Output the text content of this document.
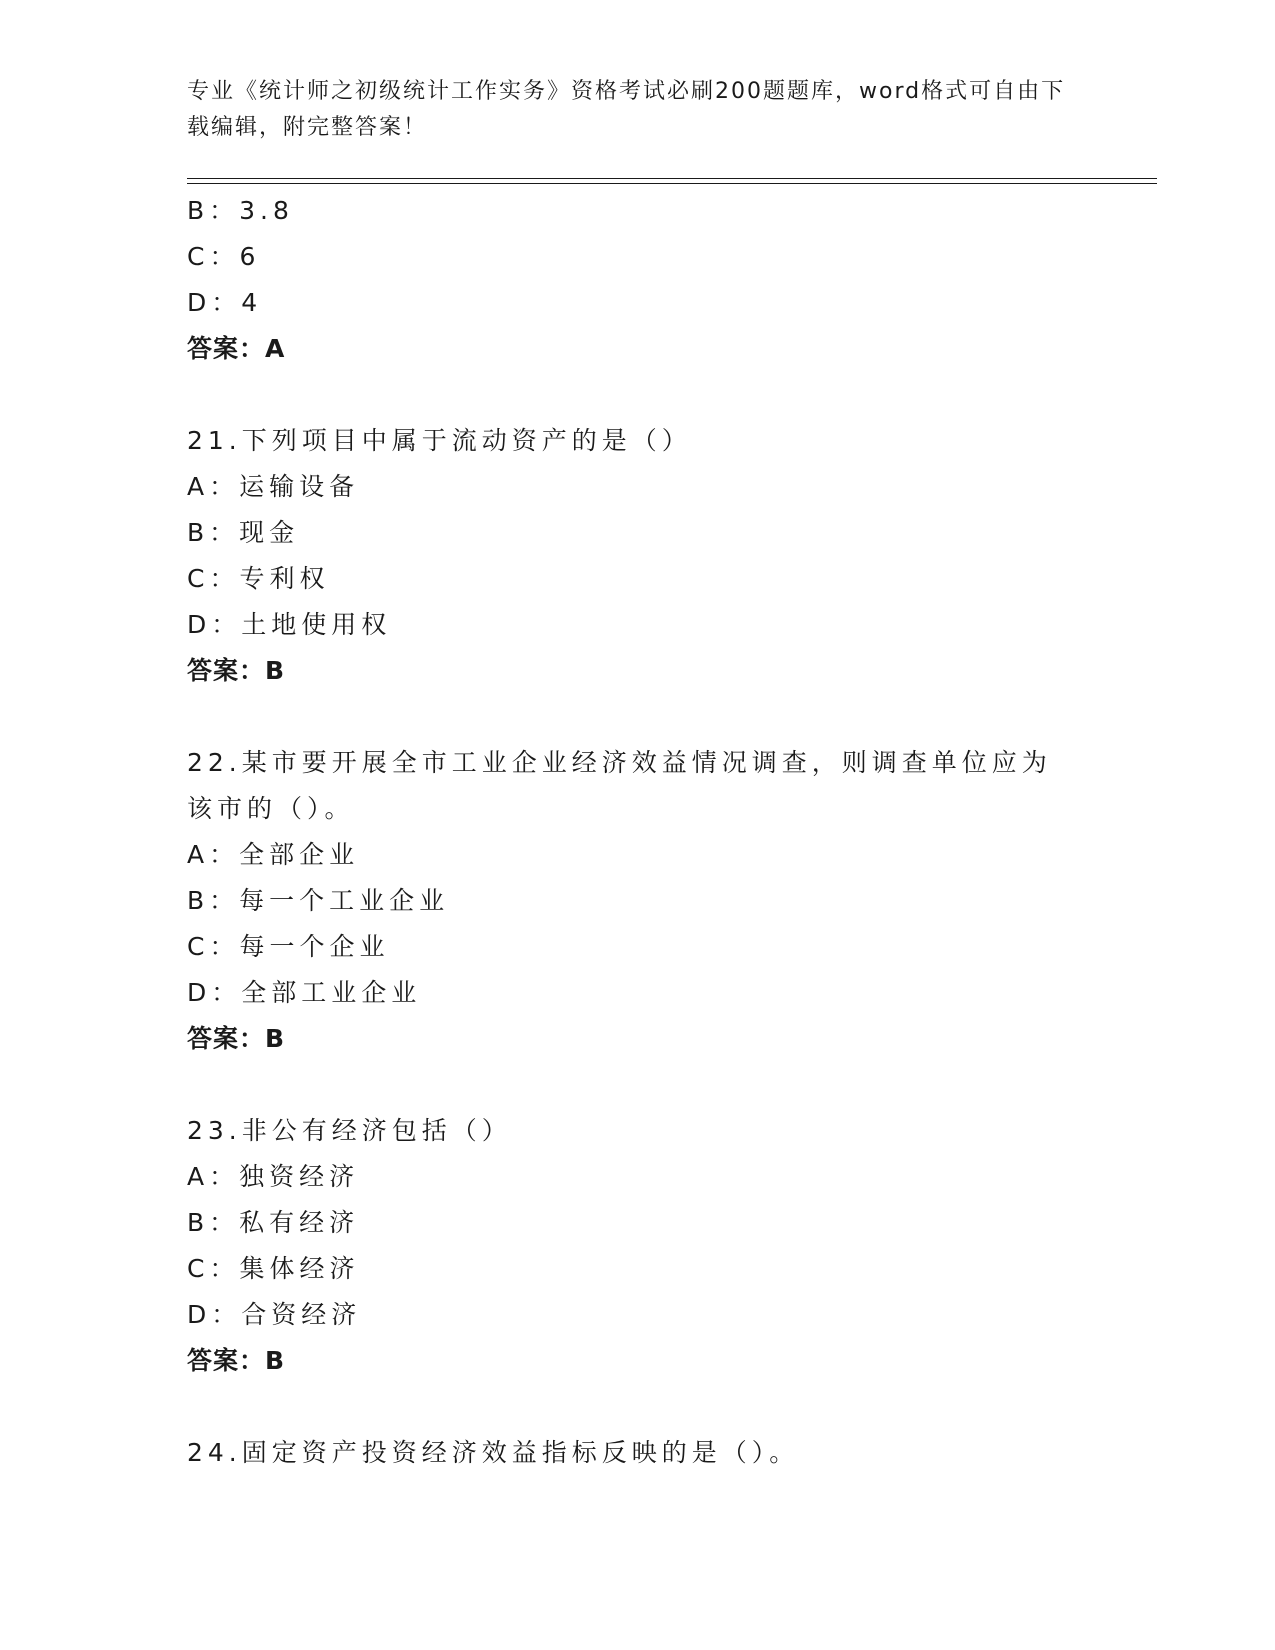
专业《统计师之初级统计工作实务》资格考试必刷200题题库，word格式可自由下载编辑，附完整答案！
B：3.8
C：6
D：4
答案：A
21.下列项目中属于流动资产的是（）
A：运输设备
B：现金
C：专利权
D：土地使用权
答案：B
22.某市要开展全市工业企业经济效益情况调查，则调查单位应为该市的（）。
A：全部企业
B：每一个工业企业
C：每一个企业
D：全部工业企业
答案：B
23.非公有经济包括（）
A：独资经济
B：私有经济
C：集体经济
D：合资经济
答案：B
24.固定资产投资经济效益指标反映的是（）。
